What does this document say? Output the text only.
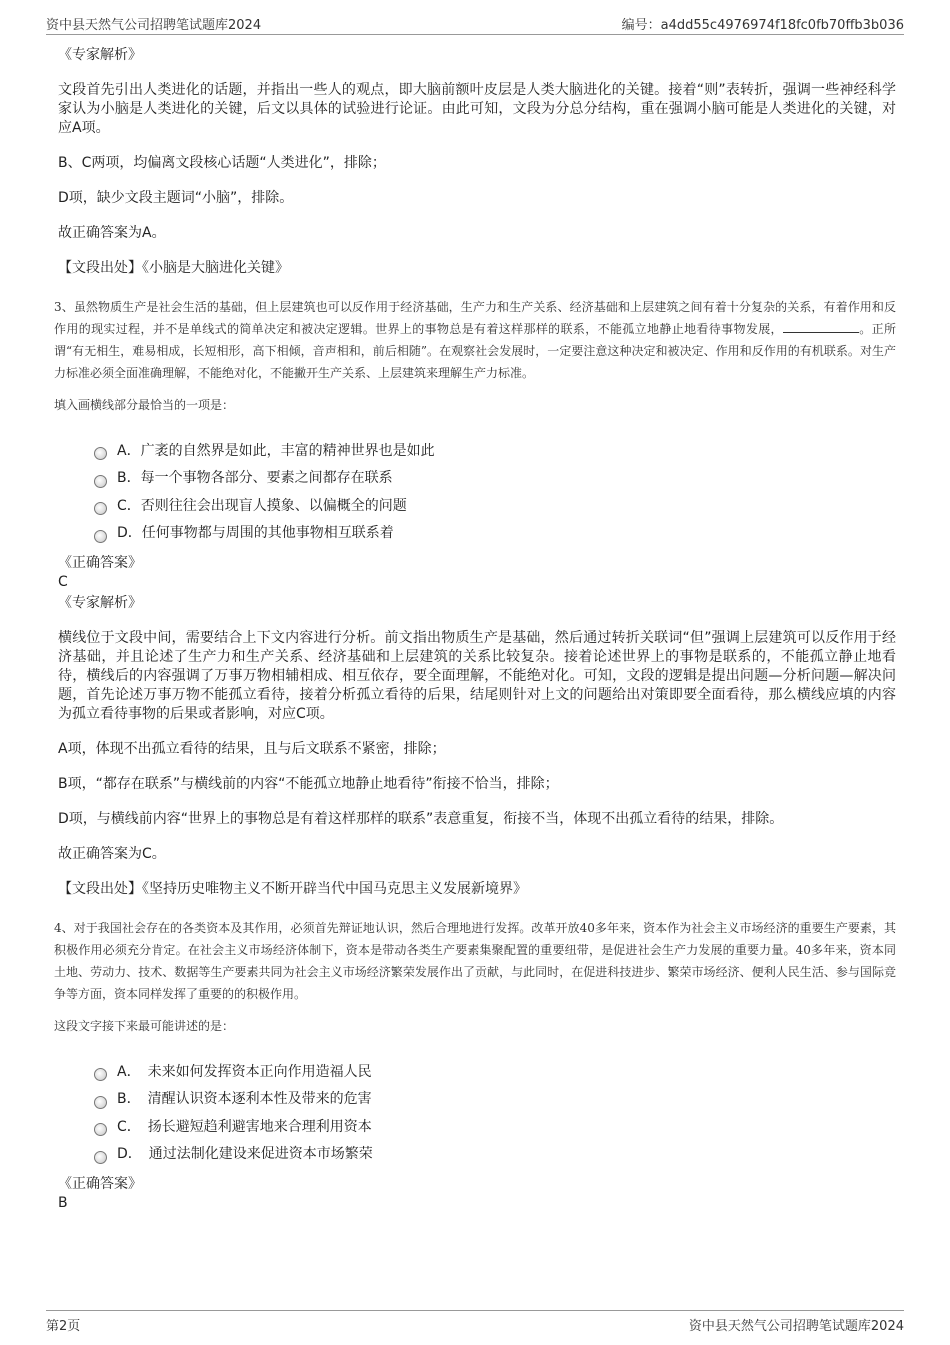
资中县天然气公司招聘笔试题库2024	编号：a4dd55c4976974f18fc0fb70ffb3b036
《专家解析》
文段首先引出人类进化的话题，并指出一些人的观点，即大脑前额叶皮层是人类大脑进化的关键。接着“则”表转折，强调一些神经科学家认为小脑是人类进化的关键，后文以具体的试验进行论证。由此可知，文段为分总分结构，重在强调小脑可能是人类进化的关键，对应A项。
B、C两项，均偏离文段核心话题“人类进化”，排除；
D项，缺少文段主题词“小脑”，排除。
故正确答案为A。
【文段出处】《小脑是大脑进化关键》
3、虽然物质生产是社会生活的基础，但上层建筑也可以反作用于经济基础，生产力和生产关系、经济基础和上层建筑之间有着十分复杂的关系，有着作用和反作用的现实过程，并不是单线式的简单决定和被决定逻辑。世界上的事物总是有着这样那样的联系，不能孤立地静止地看待事物发展，	。正所谓“有无相生，难易相成，长短相形，高下相倾，音声相和，前后相随”。在观察社会发展时，一定要注意这种决定和被决定、作用和反作用的有机联系。对生产力标准必须全面准确理解，不能绝对化，不能撇开生产关系、上层建筑来理解生产力标准。
填入画横线部分最恰当的一项是：
A．广袤的自然界是如此，丰富的精神世界也是如此
B．每一个事物各部分、要素之间都存在联系
C．否则往往会出现盲人摸象、以偏概全的问题
D．任何事物都与周围的其他事物相互联系着
《正确答案》
C
《专家解析》
横线位于文段中间，需要结合上下文内容进行分析。前文指出物质生产是基础，然后通过转折关联词“但”强调上层建筑可以反作用于经济基础，并且论述了生产力和生产关系、经济基础和上层建筑的关系比较复杂。接着论述世界上的事物是联系的，不能孤立静止地看待，横线后的内容强调了万事万物相辅相成、相互依存，要全面理解，不能绝对化。可知，文段的逻辑是提出问题—分析问题—解决问题，首先论述万事万物不能孤立看待，接着分析孤立看待的后果，结尾则针对上文的问题给出对策即要全面看待，那么横线应填的内容为孤立看待事物的后果或者影响，对应C项。
A项，体现不出孤立看待的结果，且与后文联系不紧密，排除；
B项，“都存在联系”与横线前的内容“不能孤立地静止地看待”衔接不恰当，排除；
D项，与横线前内容“世界上的事物总是有着这样那样的联系”表意重复，衔接不当，体现不出孤立看待的结果，排除。
故正确答案为C。
【文段出处】《坚持历史唯物主义不断开辟当代中国马克思主义发展新境界》
4、对于我国社会存在的各类资本及其作用，必须首先辩证地认识，然后合理地进行发挥。改革开放40多年来，资本作为社会主义市场经济的重要生产要素，其积极作用必须充分肯定。在社会主义市场经济体制下，资本是带动各类生产要素集聚配置的重要纽带，是促进社会生产力发展的重要力量。40多年来，资本同土地、劳动力、技术、数据等生产要素共同为社会主义市场经济繁荣发展作出了贡献，与此同时，在促进科技进步、繁荣市场经济、便利人民生活、参与国际竞争等方面，资本同样发挥了重要的的积极作用。
这段文字接下来最可能讲述的是：
A．　未来如何发挥资本正向作用造福人民
B．　清醒认识资本逐利本性及带来的危害
C．　扬长避短趋利避害地来合理利用资本
D．　通过法制化建设来促进资本市场繁荣
《正确答案》
B
第2页	资中县天然气公司招聘笔试题库2024
